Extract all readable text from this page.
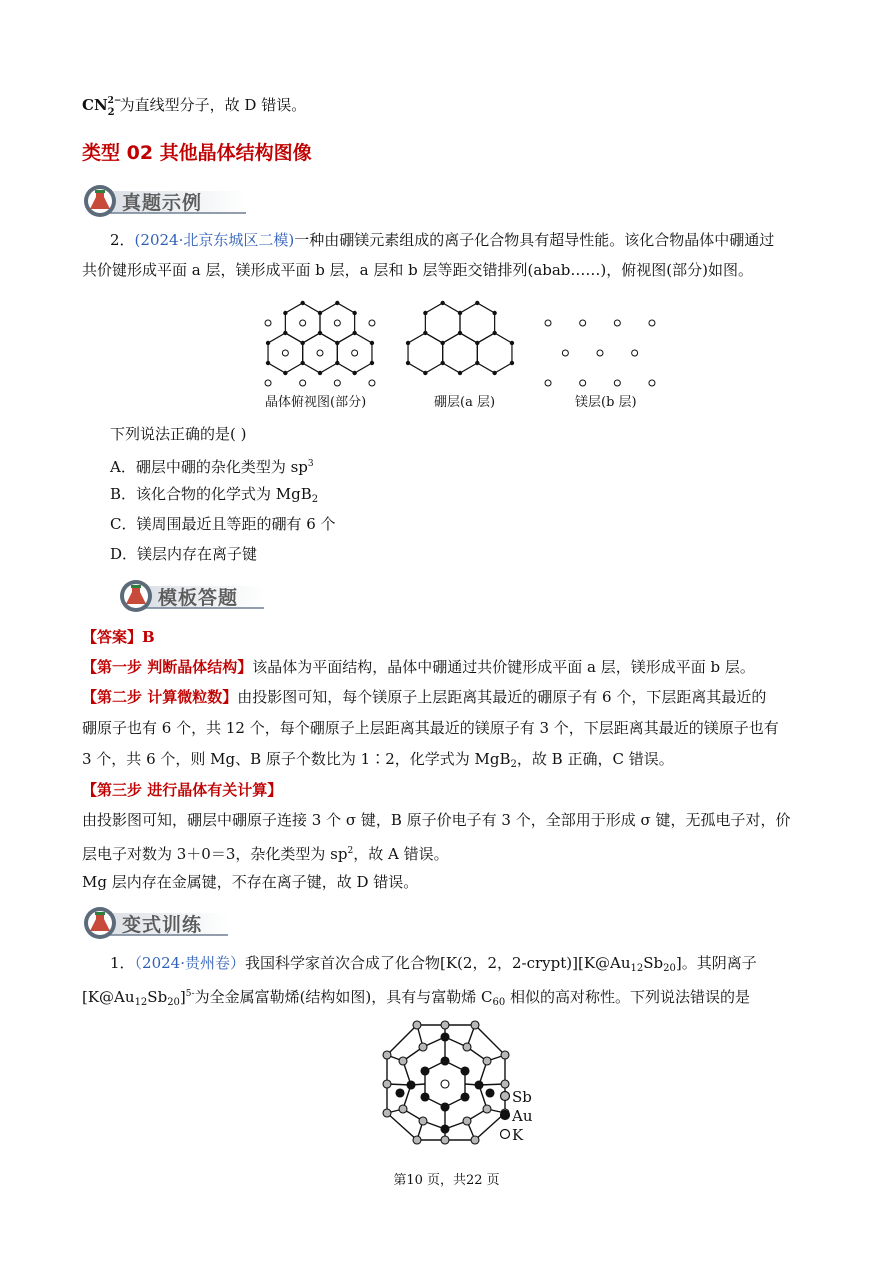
CN 2−
2 为直线型分子，故 D 错误。
类型 02 其他晶体结构图像
真题示例
2．(2024·北京东城区二模)一种由硼镁元素组成的离子化合物具有超导性能。该化合物晶体中硼通过
共价键形成平面 a 层，镁形成平面 b 层，a 层和 b 层等距交错排列(abab……)，俯视图(部分)如图。
晶体俯视图(部分)	硼层(a 层)	镁层(b 层)
下列说法正确的是( )
A．硼层中硼的杂化类型为 $sp^3$
B．该化合物的化学式为 MgB$_2$
C．镁周围最近且等距的硼有 6 个
D．镁层内存在离子键
模板答题
【答案】B
【第一步 判断晶体结构】该晶体为平面结构，晶体中硼通过共价键形成平面 a 层，镁形成平面 b 层。
【第二步 计算微粒数】由投影图可知，每个镁原子上层距离其最近的硼原子有 6 个，下层距离其最近的
硼原子也有 6 个，共 12 个，每个硼原子上层距离其最近的镁原子有 3 个，下层距离其最近的镁原子也有
3 个，共 6 个，则 Mg、B 原子个数比为 1∶2，化学式为 MgB$_2$，故 B 正确，C 错误。
【第三步 进行晶体有关计算】
由投影图可知，硼层中硼原子连接 3 个 σ 键，B 原子价电子有 3 个，全部用于形成 σ 键，无孤电子对，价
层电子对数为 3＋0＝3，杂化类型为 $sp^2$，故 A 错误。
Mg 层内存在金属键，不存在离子键，故 D 错误。
变式训练
1．（2024·贵州卷）我国科学家首次合成了化合物[K(2，2，$2-crypt)][K@Au_{12}Sb_{20}]$。其阴离子
$[K@Au_{12}Sb_{20}]^{5-}$为全金属富勒烯(结构如图)，具有与富勒烯 $C_{60}$ 相似的高对称性。下列说法错误的是
Sb
Au
K
第10 页，共22 页
